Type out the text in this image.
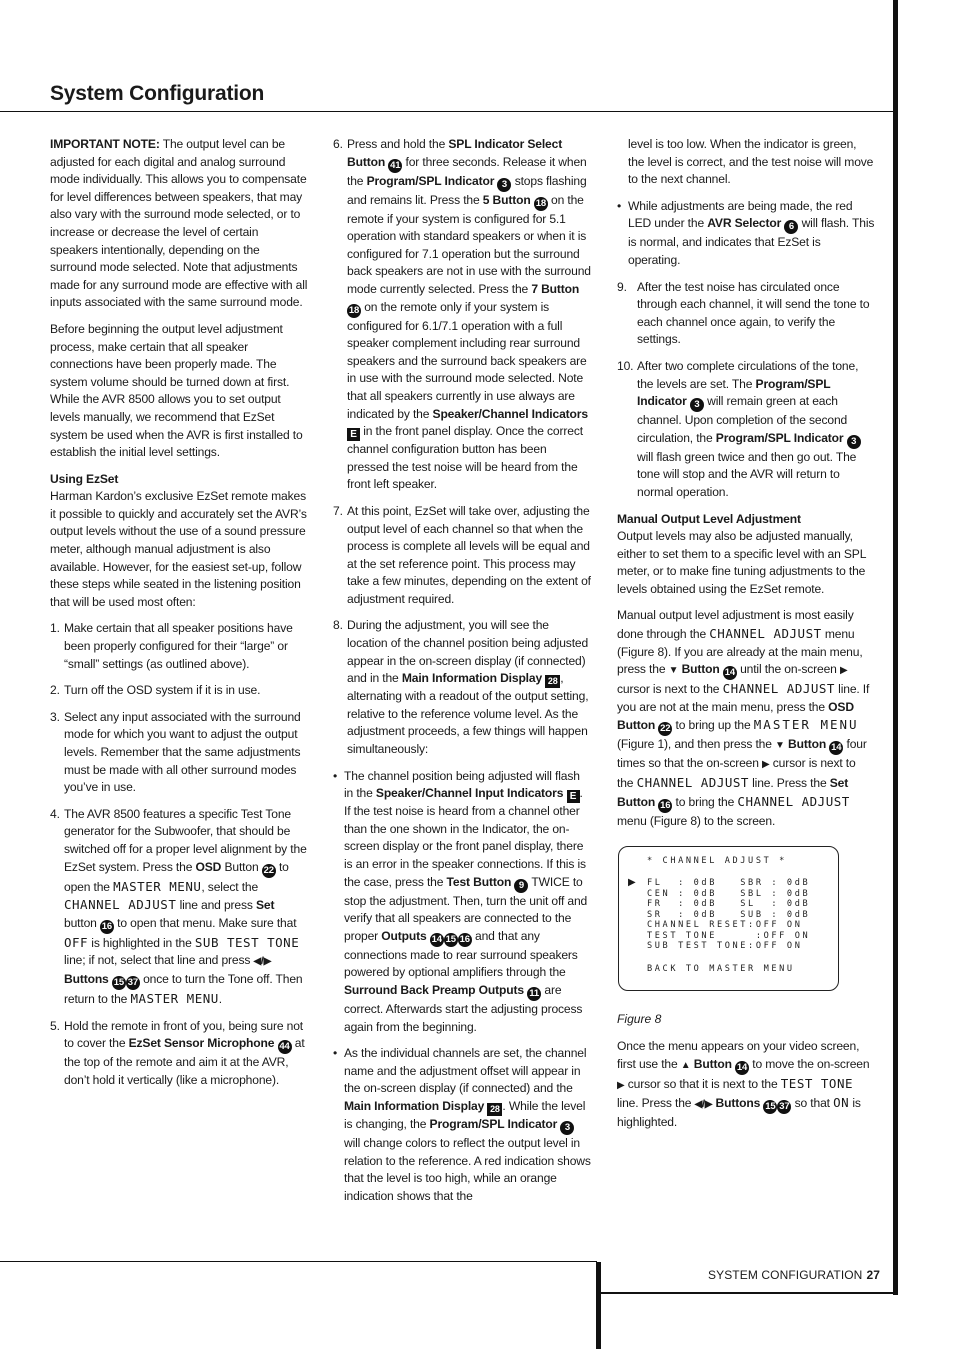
System Configuration

IMPORTANT NOTE: The output level can be adjusted for each digital and analog surround mode individually. This allows you to compensate for level differences between speakers, that may also vary with the surround mode selected, or to increase or decrease the level of certain speakers intentionally, depending on the surround mode selected. Note that adjustments made for any surround mode are effective with all inputs associated with the same surround mode.

Before beginning the output level adjustment process, make certain that all speaker connections have been properly made. The system volume should be turned down at first. While the AVR 8500 allows you to set output levels manually, we recommend that EzSet system be used when the AVR is first installed to establish the initial level settings.

Using EzSet

Harman Kardon’s exclusive EzSet remote makes it possible to quickly and accurately set the AVR’s output levels without the use of a sound pressure meter, although manual adjustment is also available. However, for the easiest set-up, follow these steps while seated in the listening position that will be used most often:

1. Make certain that all speaker positions have been properly configured for their “large” or “small” settings (as outlined above).
2. Turn off the OSD system if it is in use.
3. Select any input associated with the surround mode for which you want to adjust the output levels. Remember that the same adjustments must be made with all other surround modes you’ve in use.
4. The AVR 8500 features a specific Test Tone generator for the Subwoofer, that should be switched off for a proper level alignment by the EzSet system. Press the OSD Button 22 to open the MASTER MENU, select the CHANNEL ADJUST line and press Set button 16 to open that menu. Make sure that OFF is highlighted in the SUB TEST TONE line; if not, select that line and press ◀/▶ Buttons 15 37 once to turn the Tone off. Then return to the MASTER MENU.
5. Hold the remote in front of you, being sure not to cover the EzSet Sensor Microphone 44 at the top of the remote and aim it at the AVR, don’t hold it vertically (like a microphone).
6. Press and hold the SPL Indicator Select Button 41 for three seconds. Release it when the Program/SPL Indicator 3 stops flashing and remains lit. Press the 5 Button 18 on the remote if your system is configured for 5.1 operation with standard speakers or when it is configured for 7.1 operation but the surround back speakers are not in use with the surround mode currently selected. Press the 7 Button 18 on the remote only if your system is configured for 6.1/7.1 operation with a full speaker complement including rear surround speakers and the surround back speakers are in use with the surround mode selected. Note that all speakers currently in use always are indicated by the Speaker/Channel Indicators E in the front panel display. Once the correct channel configuration button has been pressed the test noise will be heard from the front left speaker.
7. At this point, EzSet will take over, adjusting the output level of each channel so that when the process is complete all levels will be equal and at the set reference point. This process may take a few minutes, depending on the extent of adjustment required.
8. During the adjustment, you will see the location of the channel position being adjusted appear in the on-screen display (if connected) and in the Main Information Display 28 , alternating with a readout of the output setting, relative to the reference volume level. As the adjustment proceeds, a few things will happen simultaneously:
• The channel position being adjusted will flash in the Speaker/Channel Input Indicators E . If the test noise is heard from a channel other than the one shown in the Indicator, the on-screen display or the front panel display, there is an error in the speaker connections. If this is the case, press the Test Button 9 TWICE to stop the adjustment. Then, turn the unit off and verify that all speakers are connected to the proper Outputs 14 15 16 and that any connections made to rear surround speakers powered by optional amplifiers through the Surround Back Preamp Outputs 11 are correct. Afterwards start the adjusting process again from the beginning.
• As the individual channels are set, the channel name and the adjustment offset will appear in the on-screen display (if connected) and the Main Information Display 28 . While the level is changing, the Program/SPL Indicator 3 will change colors to reflect the output level in relation to the reference. A red indication shows that the level is too high, while an orange indication shows that the

level is too low. When the indicator is green, the level is correct, and the test noise will move to the next channel.

• While adjustments are being made, the red LED under the AVR Selector 6 will flash. This is normal, and indicates that EzSet is operating.
9. After the test noise has circulated once through each channel, it will send the tone to each channel once again, to verify the settings.
10. After two complete circulations of the tone, the levels are set. The Program/SPL Indicator 3 will remain green at each channel. Upon completion of the second circulation, the Program/SPL Indicator 3 will flash green twice and then go out. The tone will stop and the AVR will return to normal operation.
Manual Output Level Adjustment

Output levels may also be adjusted manually, either to set them to a specific level with an SPL meter, or to make fine tuning adjustments to the levels obtained using the EzSet remote.

Manual output level adjustment is most easily done through the CHANNEL ADJUST menu (Figure 8). If you are already at the main menu, press the ▼ Button 14 until the on-screen ▶ cursor is next to the CHANNEL ADJUST line. If you are not at the main menu, press the OSD Button 22 to bring up the MASTER MENU (Figure 1), and then press the ▼ Button 14 four times so that the on-screen ▶ cursor is next to the CHANNEL ADJUST line. Press the Set Button 16 to bring the CHANNEL ADJUST menu (Figure 8) to the screen.

* CHANNEL ADJUST *
▶ FL  : 0dB   SBR : 0dB
CEN : 0dB   SBL : 0dB
FR  : 0dB   SL  : 0dB
SR  : 0dB   SUB : 0dB
CHANNEL RESET:OFF ON
TEST TONE     :OFF ON
SUB TEST TONE:OFF ON
BACK TO MASTER MENU
Figure 8

Once the menu appears on your video screen, first use the ▲ Button 14 to move the on-screen ▶ cursor so that it is next to the TEST TONE line. Press the ◀/▶ Buttons 15 37 so that ON is highlighted.

SYSTEM CONFIGURATION 27
